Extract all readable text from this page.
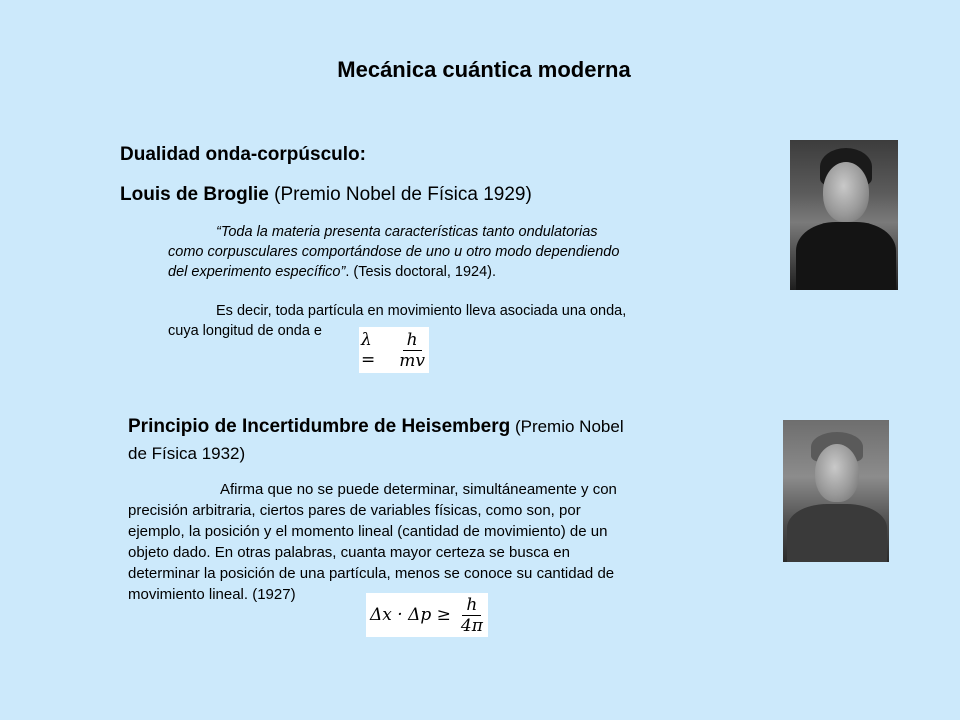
Mecánica cuántica moderna
Dualidad onda-corpúsculo:
Louis de Broglie (Premio Nobel de Física 1929)
“Toda la materia presenta características tanto ondulatorias
como corpusculares comportándose de uno u otro modo dependiendo
del experimento específico”. (Tesis doctoral, 1924).
Es decir, toda partícula en movimiento lleva asociada una onda,
cuya longitud de onda e	λ =	$\frac{h}{mv}$
Principio de Incertidumbre de Heisemberg (Premio Nobel
de Física 1932)
Afirma que no se puede determinar, simultáneamente y con
precisión arbitraria, ciertos pares de variables físicas, como son, por
ejemplo, la posición y el momento lineal (cantidad de movimiento) de un
objeto dado. En otras palabras, cuanta mayor certeza se busca en
determinar la posición de una partícula, menos se conoce su cantidad de
movimiento lineal. (1927)
$\Delta x \cdot \Delta p \ge \frac{h}{4\pi}$
